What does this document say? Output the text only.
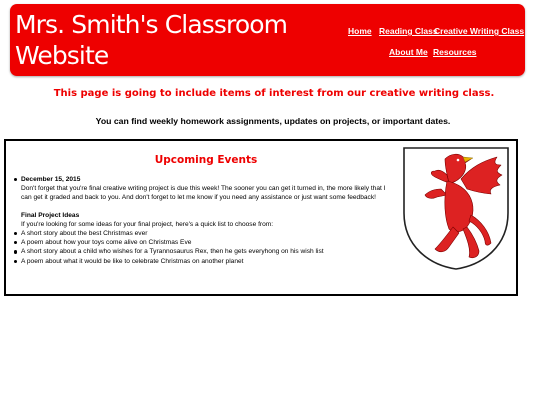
Mrs. Smith's Classroom
Website
Home Reading Class
Creative Writing Class
About Me Resources
This page is going to include items of interest from our creative writing class.
You can find weekly homework assignments, updates on projects, or important dates.
Upcoming Events
December 15, 2015
Don't forget that you're final creative writing project is due this week! The sooner you can get it turned in, the more likely that I
can get it graded and back to you. And don't forget to let me know if you need any assistance or just want some feedback!
Final Project Ideas
If you're looking for some ideas for your final project, here's a quick list to choose from:
A short story about the best Christmas ever
A poem about how your toys come alive on Christmas Eve
A short story about a child who wishes for a Tyrannosaurus Rex, then he gets everyhong on his wish list
A poem about what it would be like to celebrate Christmas on another planet
